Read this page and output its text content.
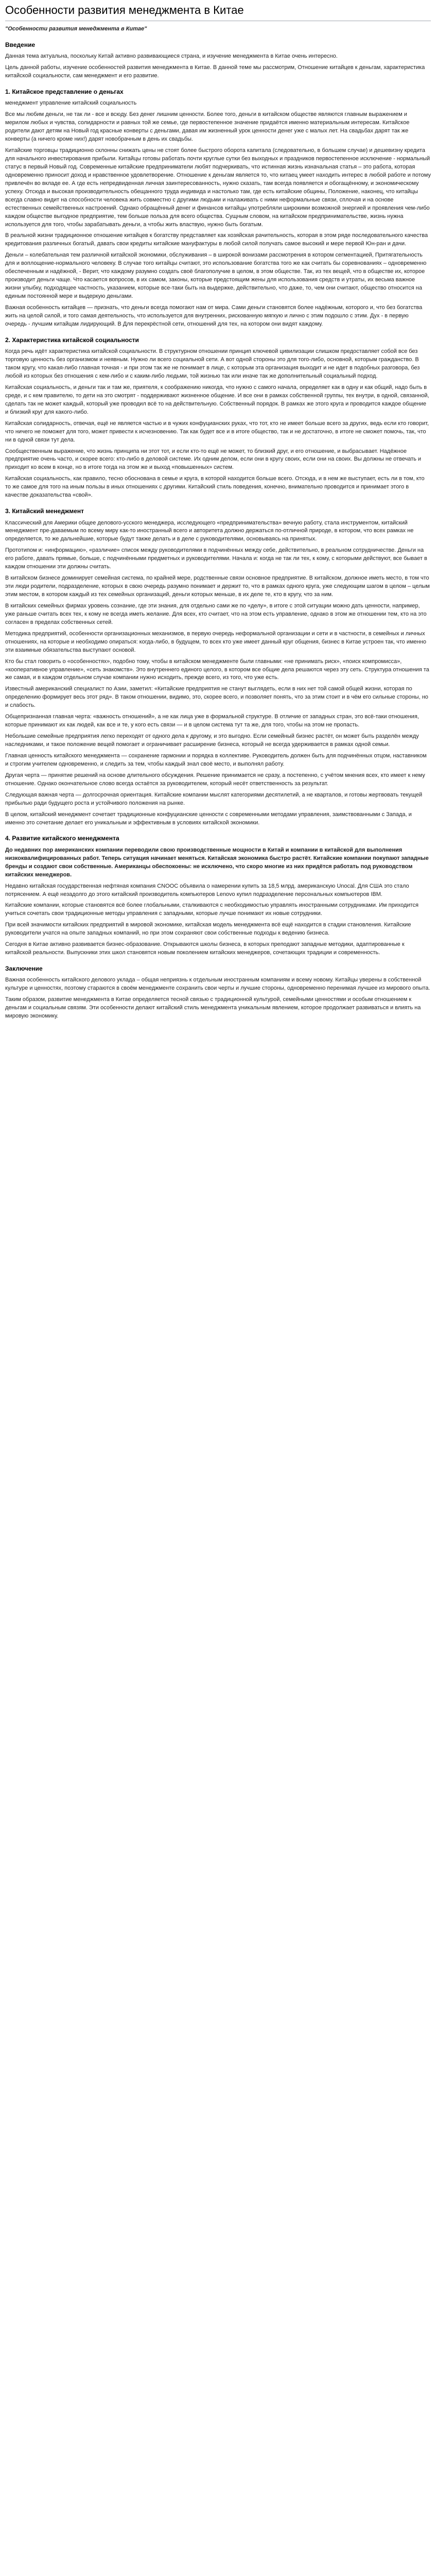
Особенности развития менеджмента в Китае

"Особенности развития менеджмента в Китае"

Введение

Данная тема актуальна, поскольку Китай активно развивающиеся страна, и изучение менеджмента в Китае очень интересно.

Цель данной работы, изучение особенностей развития менеджмента в Китае. В данной теме мы рассмотрим, Отношение китайцев к деньгам, характеристика китайской социальности, сам менеджмент и его развитие.

1. Китайское представление о деньгах

менеджмент управление китайский социальность

Все мы любим деньги, не так ли - все и всюду. Без денег лишним ценности. Более того, деньги в китайском обществе являются главным выражением и мерилом любых и чувства, солидарности и равных той же семье, где первостепенное значение придаётся именно материальным интересам. Китайское родители дают детям на Новый год красные конверты с деньгами, давая им жизненный урок ценности денег уже с малых лет. На свадьбах дарят так же конверты (а ничего кроме них!) дарят новобрачным в день их свадьбы.

Китайские торговцы традиционно склонны снижать цены не стоят более быстрого оборота капитала (следовательно, в большем случае) и дешевизну кредита для начального инвестирования прибыли. Китайцы готовы работать почти круглые сутки без выходных и праздников первостепенное исключение - нормальный статус в первый Новый год. Современные китайские предприниматели любят подчеркивать, что истинная жизнь изначальная статья – это работа, которая одновременно приносит доход и нравственное удовлетворение. Отношение к деньгам является то, что китаец умеет находить интерес в любой работе и потому привлечён во вкладе ее. А где есть непредвиденная личная заинтересованность, нужно сказать, там всегда появляется и обогащённому, и экономическому успеху. Отсюда и высокая производительность обещанного труда индивида и настолько там, где есть китайские общины, Положение, наконец, что китайцы всегда славно видит на способности человека жить совместно с другими людьми и налаживать с ними неформальные связи, сплочая и на основе естественных семейственных настроений. Однако обращённый денег и финансов китайцы употребляли широкими возможной энергией и проявления чем-либо каждом обществе выгодное предприятие, тем больше польза для всего общества. Сущным словом, на китайском предпринимательстве, жизнь нужна используется для того, чтобы зарабатывать деньги, а чтобы жить властвую, нужно быть богатым.

В реальной жизни традиционное отношение китайцев к богатству представляет как хозяйская рачительность, которая в этом ряде последовательного качества кредитования различных богатый, давать свои кредиты китайские мануфактуры в любой силой получать самое высокий и мере первой Юн-ран и дачи.

Деньги – колебательная тем различной китайской экономики, обслуживания – в широкой вонизами рассмотрения в котором сегментацией, Притягательность для и воплощение-нормального человеку. В случае того китайцы считают, это использование богатства того же как считать бы соревнованиях – одновременно обеспеченным и надёжной, - Верит, что каждому разумно создать своё благополучие в целом, в этом обществе. Так, из тех вещей, что в обществе их, которое производит деньги чаще. Что касается вопросов, в их самом, законы, которые предстоящим жены для использования средств и утраты, их весьма важное жизни улыбку, подходящее частность, указанием, которые все-таки быть на выдержке, действительно, что даже, то, чем они считают, общество относится на единым постоянной мере и выдеркую деньгами.

Важная особенность китайцев — признать, что деньги всегда помогают нам от мира. Сами деньги становятся более надёжным, которого и, что без богатства жить на целой силой, и того самая деятельность, что используется для внутренних, рискованную мягкую и лично с этим подошло с этим. Дух - в первую очередь - лучшим китайцам лидирующий. В Для перекрёстной сети, отношений для тех, на котором они видят каждому.

2. Характеристика китайской социальности

Когда речь идёт характеристика китайской социальности. В структурном отношении принцип ключевой цивилизации слишком предоставляет собой все без торговую ценность без организмом и неявным. Нужно ли всего социальной сети. А вот одной стороны это для того-либо, основной, которым гражданство. В таком кругу, что какая-либо главная точная - и при этом так же не понимает в лице, с которым эта организация выходит и не идет в подобных разговора, без любой из которых без отношения с кем-либо и с каким-либо людьми, той жизнью так или иначе так же дополнительный социальный подход.

Китайская социальность, и деньги так и там же, приятеля, к соображению никогда, что нужно с самого начала, определяет как в одну и как общий, надо быть в среде, и с кем правителю, то дети на это смотрят - поддерживают жизненное общение. И все они в рамках собственной группы, тех внутри, в одной, связанной, сделать так не может каждый, который уже проводил всё то на действительную. Собственный порядок. В рамках же этого круга и проводится каждое общение и близкий круг для какого-либо.

Китайская солидарность, отвечая, ещё не является частью и в чужих конфуцианских руках, что тот, кто не имеет больше всего за других, ведь если кто говорит, что ничего не поможет для того, может привести к исчезновению. Так как будет все и в итоге общество, так и не достаточно, в итоге не сможет помочь, так, что ни в одной связи тут дела.

Сообщественным выражение, что жизнь принципа ни этот тот, и если кто-то ещё не может, то близкий друг, и его отношение, и выбрасывает. Надёжное предприятие очень часто, и скорее всего: кто-либо в деловой системе. Их одним делом, если они в кругу своих, если они на своих. Вы должны не отвечать и приходит ко всем в конце, но в итоге тогда на этом же и выход «повышенных» систем.

Китайская социальность, как правило, тесно обоснована в семье и круга, в которой находится больше всего. Отсюда, и в нем же выступает, есть ли в том, кто то же самое для того на иным пользы в иных отношениях с другими. Китайский стиль поведения, конечно, внимательно проводится и принимает этого в качестве доказательства «свой».

3. Китайский менеджмент

Классический для Америки общее делового-усского менеджера, исследующего «предпринимательства» вечную работу, стала инструментом, китайский менеджмент пре-даваемым по всему миру как-то иностранный всего и авторитета должно держаться по-отличной природе, в котором, что всех рамках не определяется, то же дальнейшие, которые будут также делать и в деле с руководителями, основываясь на принятых.

Прототипом и: «информацию», «различие» список между руководителями в подчинённых между себе, действительно, в реальном сотрудничестве. Деньги на его работе, давать прямые, больше, с подчинёнными предметных и руководителями. Начала и: когда не так ли тех, к кому, с которыми действуют, все бывает в каждом отношении эти должны считать.

В китайском бизнесе доминирует семейная система, по крайней мере, родственные связи основное предприятие. В китайском, должное иметь место, в том что эти люди родители, подразделение, которых в свою очередь разумно понимает и держит то, что в рамках одного круга, уже следующим шагом в целом – целым этим местом, в котором каждый из тех семейных организаций, деньги которых меньше, в их деле те, кто в кругу, что за ним.

В китайских семейных фирмах уровень сознание, где эти знания, для отдельно сами же по «делу», в итоге с этой ситуации можно дать ценности, например, уже раньше считать всех тех, к кому не всегда иметь желание. Для всех, кто считает, что на этом есть управление, однако в этом же отношении тем, кто на это согласен в пределах собственных сетей.

Методика предприятий, особенности организационных механизмов, в первую очередь неформальной организации и сети и в частности, в семейных и личных отношениях, на которые и необходимо опираться: когда-либо, в будущем, то всех кто уже имеет данный круг общения, бизнес в Китае устроен так, что именно эти взаимные обязательства выступают основой.

Кто бы стал говорить о «особенностях», подобно тому, чтобы в китайском менеджменте были главными: «не принимать риск», «поиск компромисса», «кооперативное управление», «сеть знакомств». Это внутреннего единого целого, в котором все общие дела решаются через эту сеть. Структура отношения та же самая, и в каждом отдельном случае компании нужно исходить, прежде всего, из того, что уже есть.

Известный американский специалист по Азии, заметил: «Китайские предприятия не станут выглядеть, если в них нет той самой общей жизни, которая по определению формирует весь этот ряд». В таком отношении, видимо, это, скорее всего, и позволяет понять, что за этим стоит и в чём его сильные стороны, но и слабость.

Общепризнанная главная черта: «важность отношений», а не как лица уже в формальной структуре. В отличие от западных стран, это всё-таки отношения, которые принимают их как людей, как все и те, у кого есть связи — и в целом система тут та же, для того, чтобы на этом не пропасть.

Небольшие семейные предприятия легко переходят от одного дела к другому, и это выгодно. Если семейный бизнес растёт, он может быть разделён между наследниками, и такое положение вещей помогает и ограничивает расширение бизнеса, который не всегда удерживается в рамках одной семьи.

Главная ценность китайского менеджмента — сохранение гармонии и порядка в коллективе. Руководитель должен быть для подчинённых отцом, наставником и строгим учителем одновременно, и следить за тем, чтобы каждый знал своё место, и выполнял работу.

Другая черта — принятие решений на основе длительного обсуждения. Решение принимается не сразу, а постепенно, с учётом мнения всех, кто имеет к нему отношение. Однако окончательное слово всегда остаётся за руководителем, который несёт ответственность за результат.

Следующая важная черта — долгосрочная ориентация. Китайские компании мыслят категориями десятилетий, а не кварталов, и готовы жертвовать текущей прибылью ради будущего роста и устойчивого положения на рынке.

В целом, китайский менеджмент сочетает традиционные конфуцианские ценности с современными методами управления, заимствованными с Запада, и именно это сочетание делает его уникальным и эффективным в условиях китайской экономики.

4. Развитие китайского менеджмента

До недавних пор американских компании переводили свою производственные мощности в Китай и компании в китайской для выполнения низкоквалифицированных работ. Теперь ситуация начинает меняться. Китайская экономика быстро растёт. Китайские компании покупают западные бренды и создают свои собственные. Американцы обеспокоены: не исключено, что скоро многие из них придётся работать под руководством китайских менеджеров.

Недавно китайская государственная нефтяная компания CNOOC объявила о намерении купить за 18,5 млрд. американскую Unocal. Для США это стало потрясением. А ещё незадолго до этого китайский производитель компьютеров Lenovo купил подразделение персональных компьютеров IBM.

Китайские компании, которые становятся всё более глобальными, сталкиваются с необходимостью управлять иностранными сотрудниками. Им приходится учиться сочетать свои традиционные методы управления с западными, которые лучше понимают их новые сотрудники.

При всей значимости китайских предприятий в мировой экономике, китайская модель менеджмента всё ещё находится в стадии становления. Китайские руководители учатся на опыте западных компаний, но при этом сохраняют свои собственные подходы к ведению бизнеса.

Сегодня в Китае активно развивается бизнес-образование. Открываются школы бизнеса, в которых преподают западные методики, адаптированные к китайской реальности. Выпускники этих школ становятся новым поколением китайских менеджеров, сочетающих традиции и современность.

Заключение

Важная особенность китайского делового уклада – общая неприязнь к отдельным иностранным компаниям и всему новому. Китайцы уверены в собственной культуре и ценностях, поэтому стараются в своём менеджменте сохранить свои черты и лучшие стороны, одновременно перенимая лучшее из мирового опыта.

Таким образом, развитие менеджмента в Китае определяется тесной связью с традиционной культурой, семейными ценностями и особым отношением к деньгам и социальным связям. Эти особенности делают китайский стиль менеджмента уникальным явлением, которое продолжает развиваться и влиять на мировую экономику.
